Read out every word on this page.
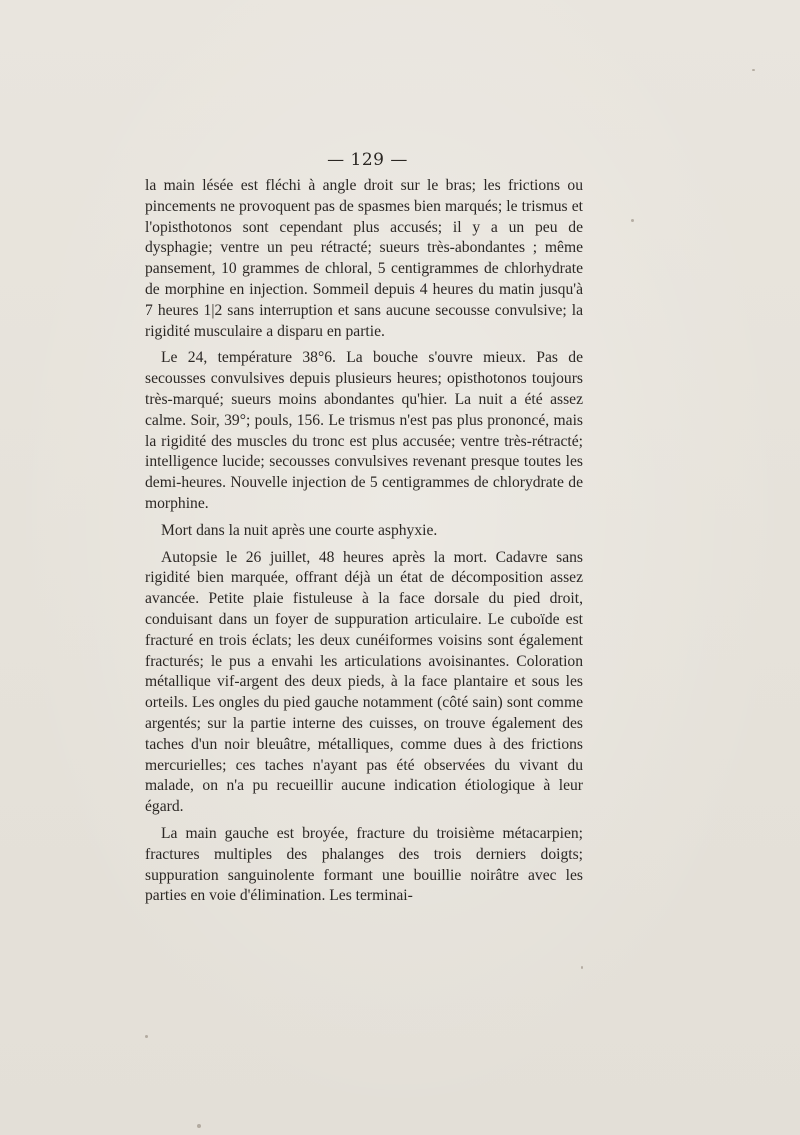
— 129 —

la main lésée est fléchi à angle droit sur le bras; les frictions ou pincements ne provoquent pas de spasmes bien marqués; le trismus et l'opisthotonos sont cependant plus accusés; il y a un peu de dysphagie; ventre un peu rétracté; sueurs très-abondantes ; même pansement, 10 grammes de chloral, 5 centigrammes de chlorhydrate de morphine en injection. Sommeil depuis 4 heures du matin jusqu'à 7 heures 1|2 sans interruption et sans aucune secousse convulsive; la rigidité musculaire a disparu en partie.

Le 24, température 38°6. La bouche s'ouvre mieux. Pas de secousses convulsives depuis plusieurs heures; opisthotonos toujours très-marqué; sueurs moins abondantes qu'hier. La nuit a été assez calme. Soir, 39°; pouls, 156. Le trismus n'est pas plus prononcé, mais la rigidité des muscles du tronc est plus accusée; ventre très-rétracté; intelligence lucide; secousses convulsives revenant presque toutes les demi-heures. Nouvelle injection de 5 centigrammes de chlorydrate de morphine.

Mort dans la nuit après une courte asphyxie.

Autopsie le 26 juillet, 48 heures après la mort. Cadavre sans rigidité bien marquée, offrant déjà un état de décomposition assez avancée. Petite plaie fistuleuse à la face dorsale du pied droit, conduisant dans un foyer de suppuration articulaire. Le cuboïde est fracturé en trois éclats; les deux cunéiformes voisins sont également fracturés; le pus a envahi les articulations avoisinantes. Coloration métallique vif-argent des deux pieds, à la face plantaire et sous les orteils. Les ongles du pied gauche notamment (côté sain) sont comme argentés; sur la partie interne des cuisses, on trouve également des taches d'un noir bleuâtre, métalliques, comme dues à des frictions mercurielles; ces taches n'ayant pas été observées du vivant du malade, on n'a pu recueillir aucune indication étiologique à leur égard.

La main gauche est broyée, fracture du troisième métacarpien; fractures multiples des phalanges des trois derniers doigts; suppuration sanguinolente formant une bouillie noirâtre avec les parties en voie d'élimination. Les terminai-
